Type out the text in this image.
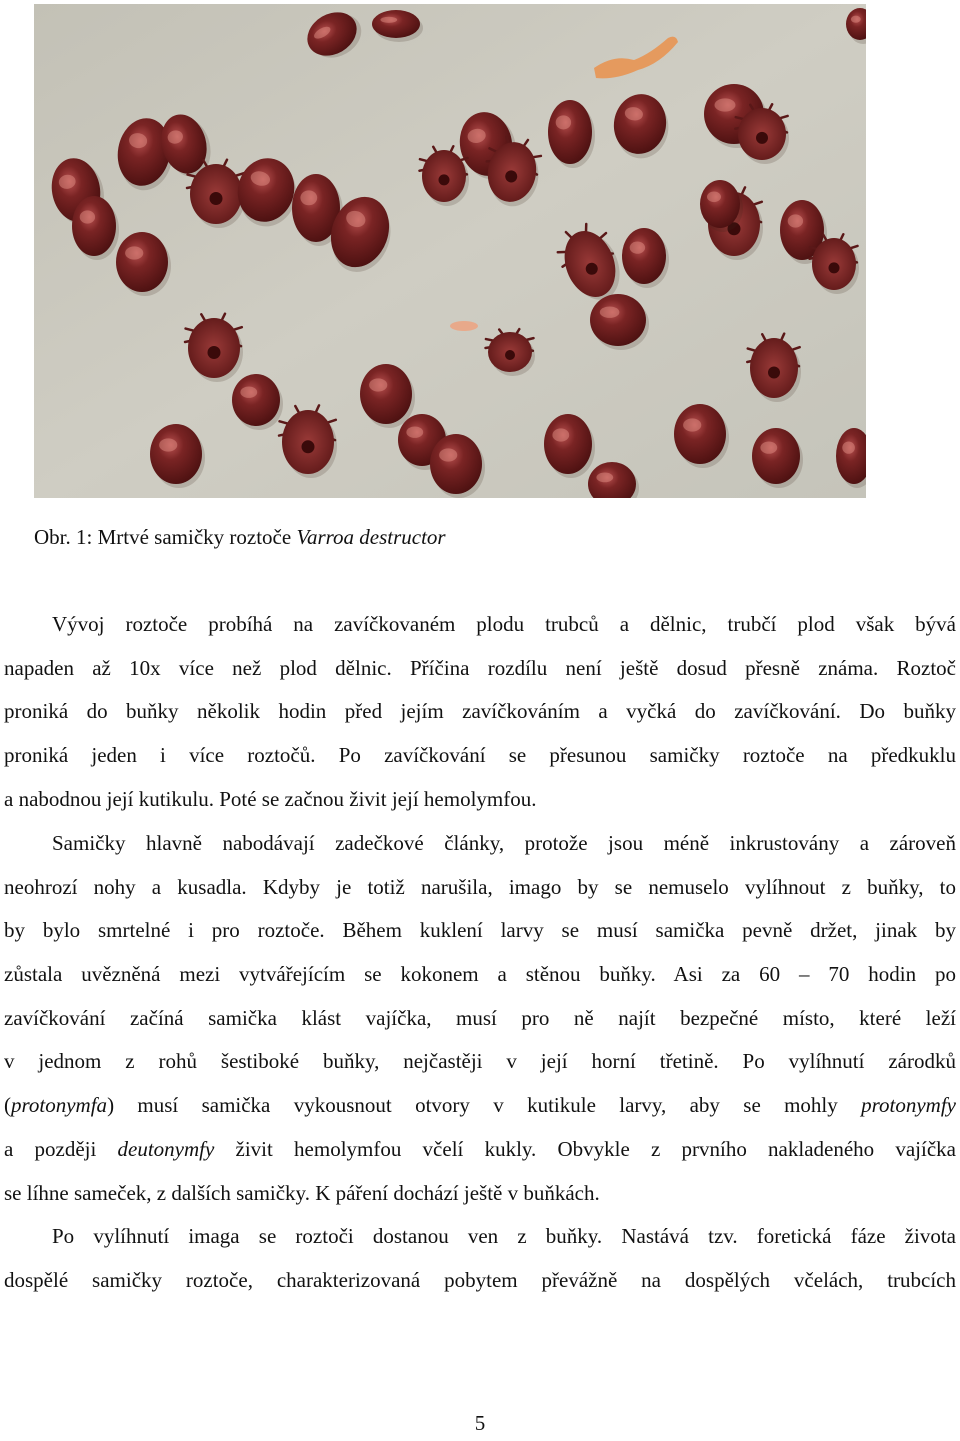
Obr. 1: Mrtvé samičky roztoče Varroa destructor
Vývoj roztoče probíhá na zavíčkovaném plodu trubců a dělnic, trubčí plod však bývá
napaden až 10x více než plod dělnic. Příčina rozdílu není ještě dosud přesně známa. Roztoč
proniká do buňky několik hodin před jejím zavíčkováním a vyčká do zavíčkování. Do buňky
proniká jeden i více roztočů. Po zavíčkování se přesunou samičky roztoče na předkuklu
a nabodnou její kutikulu. Poté se začnou živit její hemolymfou.
Samičky hlavně nabodávají zadečkové články, protože jsou méně inkrustovány a zároveň
neohrozí nohy a kusadla. Kdyby je totiž narušila, imago by se nemuselo vylíhnout z buňky, to
by bylo smrtelné i pro roztoče. Během kuklení larvy se musí samička pevně držet, jinak by
zůstala uvězněná mezi vytvářejícím se kokonem a stěnou buňky. Asi za 60 – 70 hodin po
zavíčkování začíná samička klást vajíčka, musí pro ně najít bezpečné místo, které leží
v jednom z rohů šestiboké buňky, nejčastěji v její horní třetině. Po vylíhnutí zárodků
(protonymfa) musí samička vykousnout otvory v kutikule larvy, aby se mohly protonymfy
a později deutonymfy živit hemolymfou včelí kukly. Obvykle z prvního nakladeného vajíčka
se líhne sameček, z dalších samičky. K páření dochází ještě v buňkách.
Po vylíhnutí imaga se roztoči dostanou ven z buňky. Nastává tzv. foretická fáze života
dospělé samičky roztoče, charakterizovaná pobytem převážně na dospělých včelách, trubcích
5
